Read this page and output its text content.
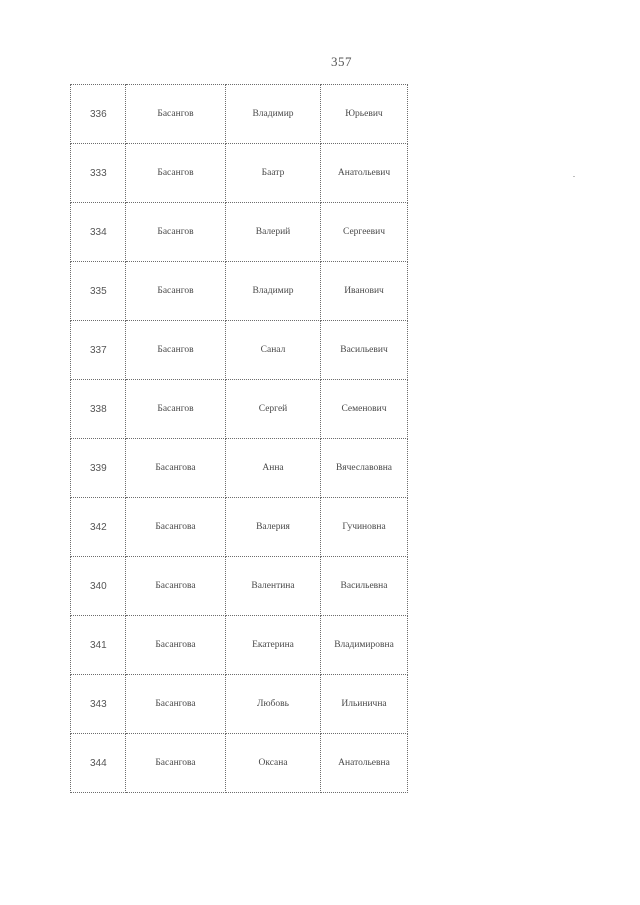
357
336	Басангов	Владимир	Юрьевич
333	Басангов	Баатр	Анатольевич
334	Басангов	Валерий	Сергеевич
335	Басангов	Владимир	Иванович
337	Басангов	Санал	Васильевич
338	Басангов	Сергей	Семенович
339	Басангова	Анна	Вячеславовна
342	Басангова	Валерия	Гучиновна
340	Басангова	Валентина	Васильевна
341	Басангова	Екатерина	Владимировна
343	Басангова	Любовь	Ильинична
344	Басангова	Оксана	Анатольевна
